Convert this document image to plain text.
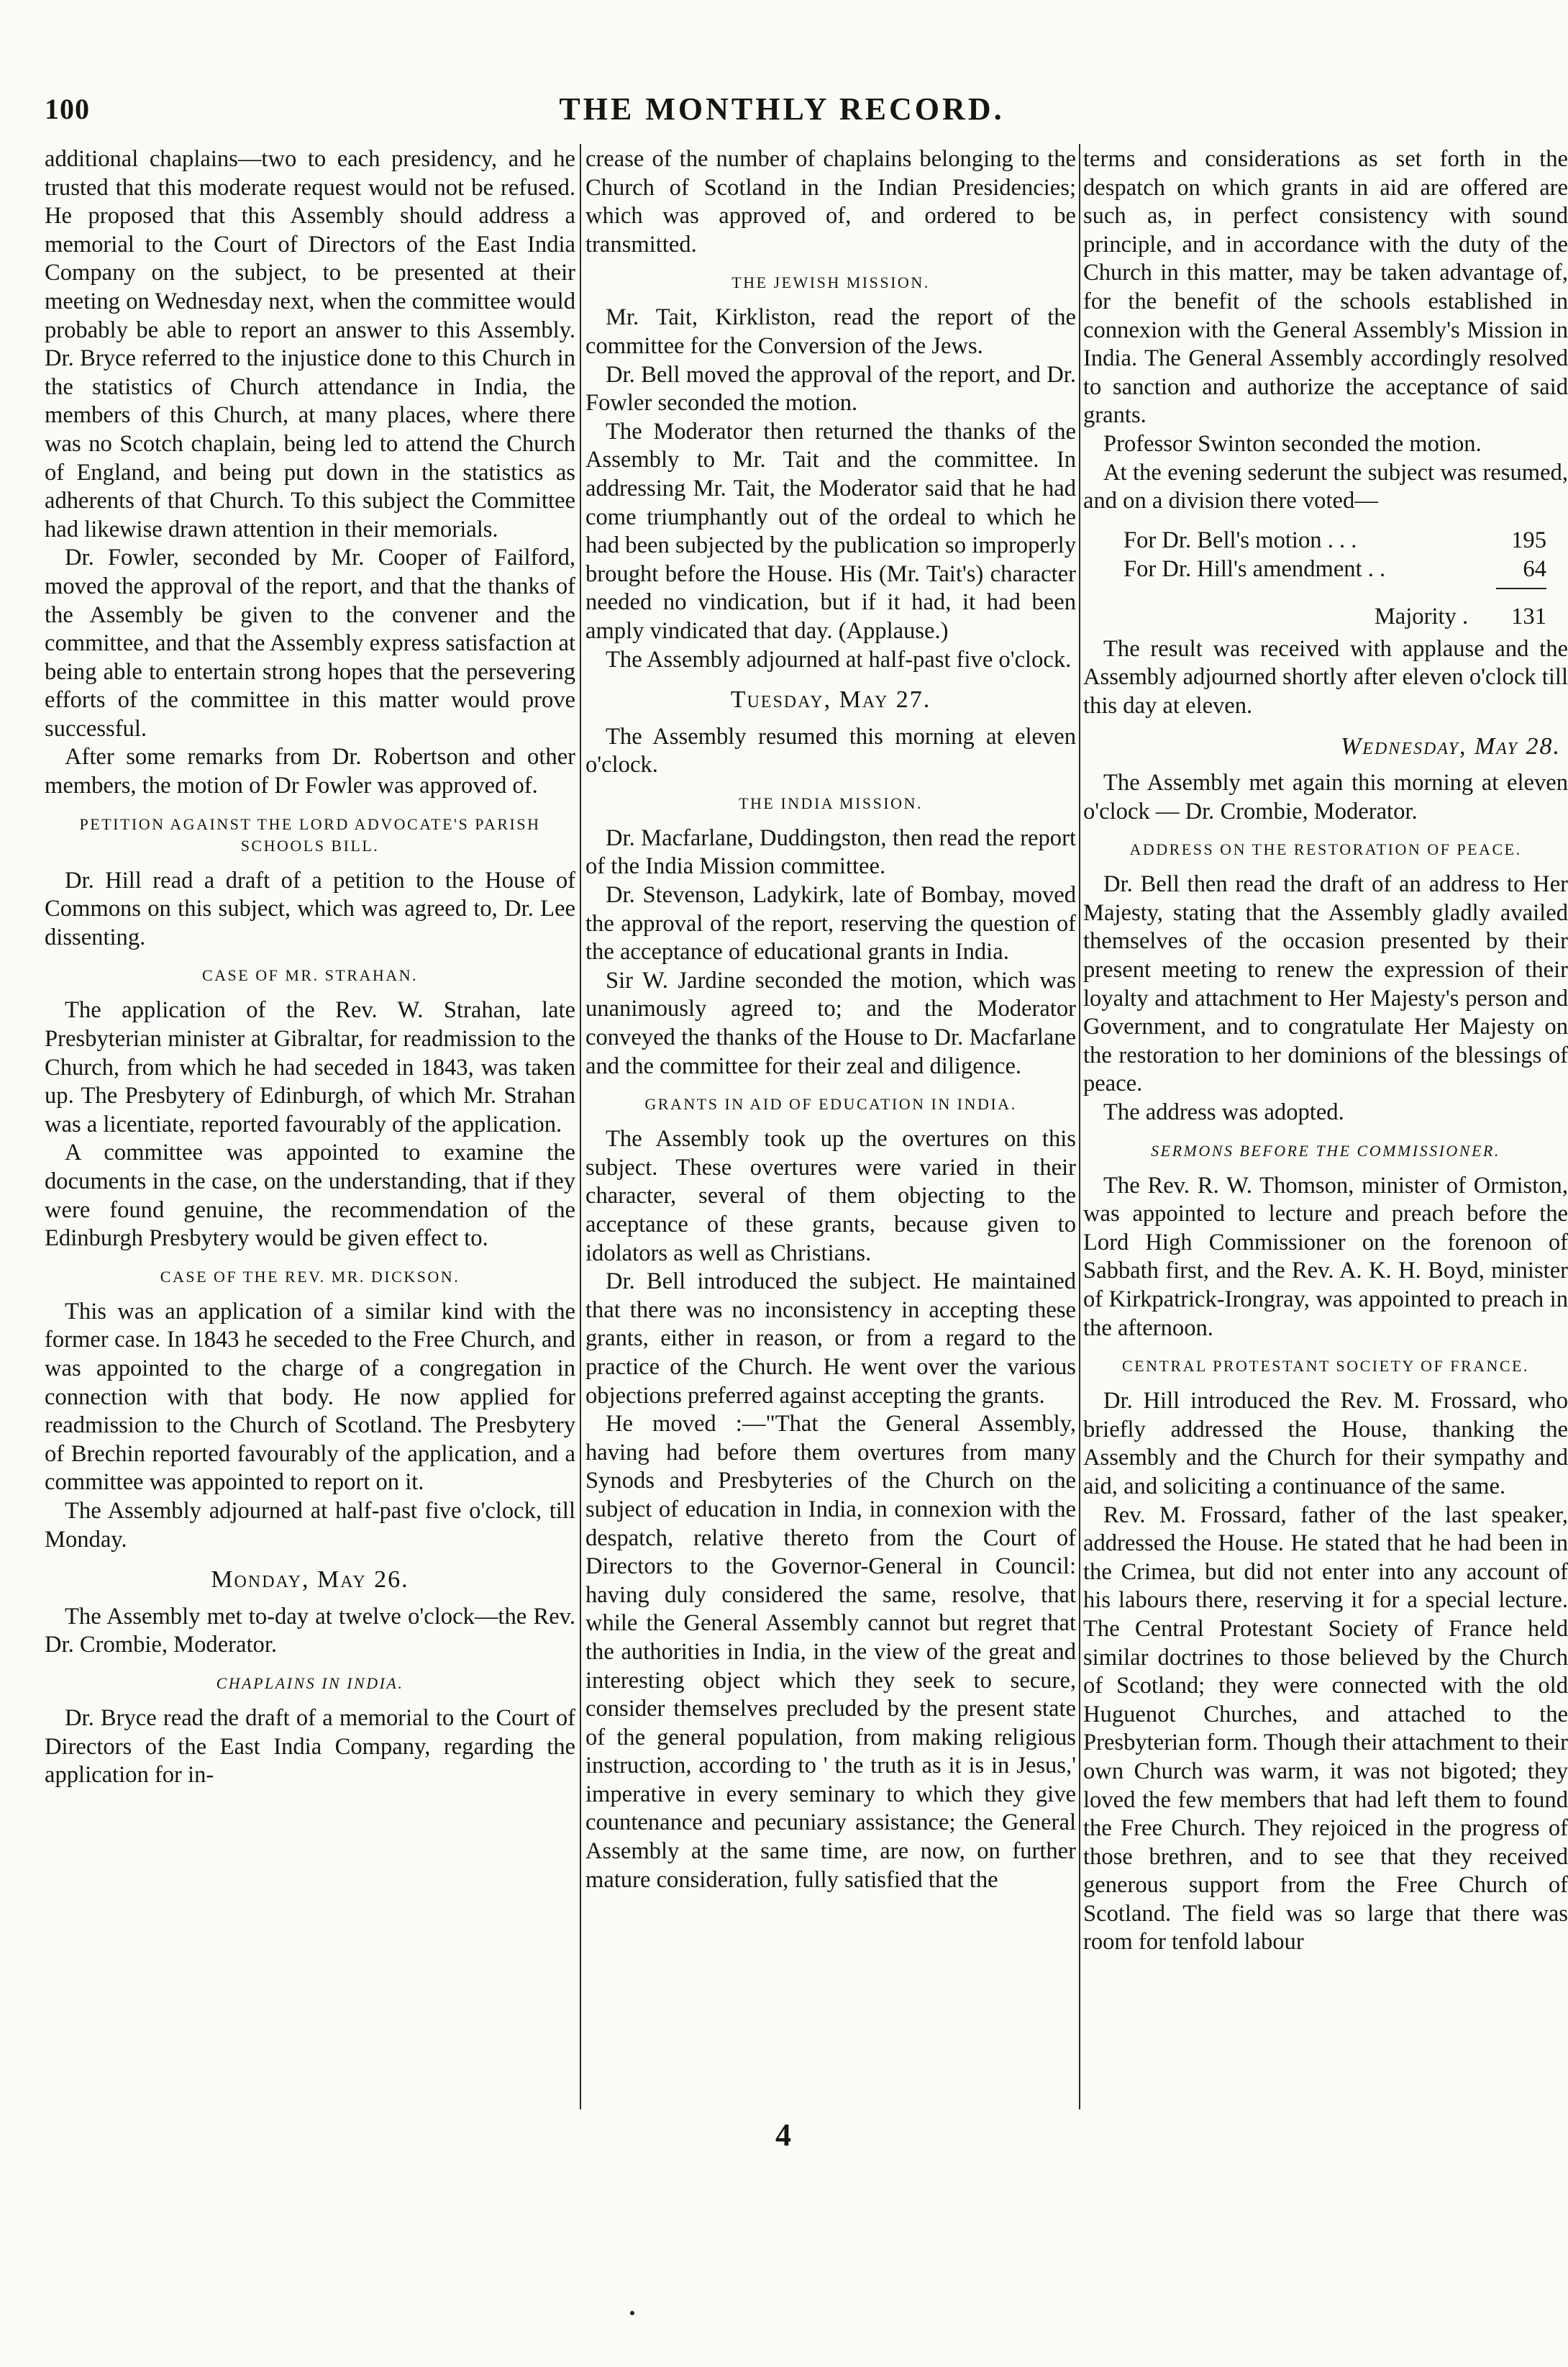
100	THE MONTHLY RECORD.

additional chaplains—two to each presidency, and he trusted that this moderate request would not be refused. He proposed that this Assembly should address a memorial to the Court of Directors of the East India Company on the subject, to be presented at their meeting on Wednesday next, when the committee would probably be able to report an answer to this Assembly. Dr. Bryce referred to the injustice done to this Church in the statistics of Church attendance in India, the members of this Church, at many places, where there was no Scotch chaplain, being led to attend the Church of England, and being put down in the statistics as adherents of that Church. To this subject the Committee had likewise drawn attention in their memorials.

Dr. Fowler, seconded by Mr. Cooper of Failford, moved the approval of the report, and that the thanks of the Assembly be given to the convener and the committee, and that the Assembly express satisfaction at being able to entertain strong hopes that the persevering efforts of the committee in this matter would prove successful.

After some remarks from Dr. Robertson and other members, the motion of Dr Fowler was approved of.

PETITION AGAINST THE LORD ADVOCATE'S PARISH SCHOOLS BILL.

Dr. Hill read a draft of a petition to the House of Commons on this subject, which was agreed to, Dr. Lee dissenting.

CASE OF MR. STRAHAN.

The application of the Rev. W. Strahan, late Presbyterian minister at Gibraltar, for readmission to the Church, from which he had seceded in 1843, was taken up. The Presbytery of Edinburgh, of which Mr. Strahan was a licentiate, reported favourably of the application.

A committee was appointed to examine the documents in the case, on the understanding, that if they were found genuine, the recommendation of the Edinburgh Presbytery would be given effect to.

CASE OF THE REV. MR. DICKSON.

This was an application of a similar kind with the former case. In 1843 he seceded to the Free Church, and was appointed to the charge of a congregation in connection with that body. He now applied for readmission to the Church of Scotland. The Presbytery of Brechin reported favourably of the application, and a committee was appointed to report on it.

The Assembly adjourned at half-past five o'clock, till Monday.

Monday, May 26.

The Assembly met to-day at twelve o'clock—the Rev. Dr. Crombie, Moderator.

CHAPLAINS IN INDIA.

Dr. Bryce read the draft of a memorial to the Court of Directors of the East India Company, regarding the application for in-

crease of the number of chaplains belonging to the Church of Scotland in the Indian Presidencies; which was approved of, and ordered to be transmitted.

THE JEWISH MISSION.

Mr. Tait, Kirkliston, read the report of the committee for the Conversion of the Jews.

Dr. Bell moved the approval of the report, and Dr. Fowler seconded the motion.

The Moderator then returned the thanks of the Assembly to Mr. Tait and the committee. In addressing Mr. Tait, the Moderator said that he had come triumphantly out of the ordeal to which he had been subjected by the publication so improperly brought before the House. His (Mr. Tait's) character needed no vindication, but if it had, it had been amply vindicated that day. (Applause.)

The Assembly adjourned at half-past five o'clock.

Tuesday, May 27.

The Assembly resumed this morning at eleven o'clock.

THE INDIA MISSION.

Dr. Macfarlane, Duddingston, then read the report of the India Mission committee.

Dr. Stevenson, Ladykirk, late of Bombay, moved the approval of the report, reserving the question of the acceptance of educational grants in India.

Sir W. Jardine seconded the motion, which was unanimously agreed to; and the Moderator conveyed the thanks of the House to Dr. Macfarlane and the committee for their zeal and diligence.

GRANTS IN AID OF EDUCATION IN INDIA.

The Assembly took up the overtures on this subject. These overtures were varied in their character, several of them objecting to the acceptance of these grants, because given to idolators as well as Christians.

Dr. Bell introduced the subject. He maintained that there was no inconsistency in accepting these grants, either in reason, or from a regard to the practice of the Church. He went over the various objections preferred against accepting the grants.

He moved :—"That the General Assembly, having had before them overtures from many Synods and Presbyteries of the Church on the subject of education in India, in connexion with the despatch, relative thereto from the Court of Directors to the Governor-General in Council: having duly considered the same, resolve, that while the General Assembly cannot but regret that the authorities in India, in the view of the great and interesting object which they seek to secure, consider themselves precluded by the present state of the general population, from making religious instruction, according to ' the truth as it is in Jesus,' imperative in every seminary to which they give countenance and pecuniary assistance; the General Assembly at the same time, are now, on further mature consideration, fully satisfied that the

terms and considerations as set forth in the despatch on which grants in aid are offered are such as, in perfect consistency with sound principle, and in accordance with the duty of the Church in this matter, may be taken advantage of, for the benefit of the schools established in connexion with the General Assembly's Mission in India. The General Assembly accordingly resolved to sanction and authorize the acceptance of said grants.

Professor Swinton seconded the motion.

At the evening sederunt the subject was resumed, and on a division there voted—

For Dr. Bell's motion . . .	195
For Dr. Hill's amendment . .	64
Majority . 131

The result was received with applause and the Assembly adjourned shortly after eleven o'clock till this day at eleven.

Wednesday, May 28.

The Assembly met again this morning at eleven o'clock — Dr. Crombie, Moderator.

ADDRESS ON THE RESTORATION OF PEACE.

Dr. Bell then read the draft of an address to Her Majesty, stating that the Assembly gladly availed themselves of the occasion presented by their present meeting to renew the expression of their loyalty and attachment to Her Majesty's person and Government, and to congratulate Her Majesty on the restoration to her dominions of the blessings of peace.

The address was adopted.

SERMONS BEFORE THE COMMISSIONER.

The Rev. R. W. Thomson, minister of Ormiston, was appointed to lecture and preach before the Lord High Commissioner on the forenoon of Sabbath first, and the Rev. A. K. H. Boyd, minister of Kirkpatrick-Irongray, was appointed to preach in the afternoon.

CENTRAL PROTESTANT SOCIETY OF FRANCE.

Dr. Hill introduced the Rev. M. Frossard, who briefly addressed the House, thanking the Assembly and the Church for their sympathy and aid, and soliciting a continuance of the same.

Rev. M. Frossard, father of the last speaker, addressed the House. He stated that he had been in the Crimea, but did not enter into any account of his labours there, reserving it for a special lecture. The Central Protestant Society of France held similar doctrines to those believed by the Church of Scotland; they were connected with the old Huguenot Churches, and attached to the Presbyterian form. Though their attachment to their own Church was warm, it was not bigoted; they loved the few members that had left them to found the Free Church. They rejoiced in the progress of those brethren, and to see that they received generous support from the Free Church of Scotland. The field was so large that there was room for tenfold labour

4
